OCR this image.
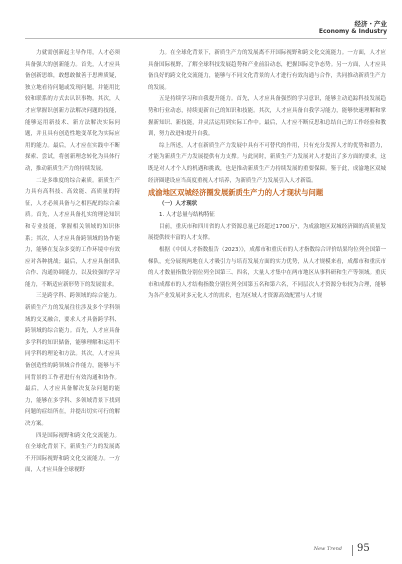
经济・产业
Economy & Industry

力就需创新起主导作用，人才必须具备强大的创新能力。首先，人才应具备创新思维，敢想敢做善于思辨质疑，独立地看待问题或发现问题，并能用比较和联系的方式去认识事物。其次，人才应掌握识创新方法解决问题的技能，能够运用新技术、新方法解决实际问题，并且具有创造性地变革化为实际应用的能力。最后，人才应在实践中不断探索、尝试，将创新理念转化为具体行动，推动新质生产力的持续发展。

二是多维度的综合素质。新质生产力具有高科技、高效能、高质量的特征，人才必须具备与之相匹配的综合素质。首先，人才应具备扎实的理论知识和专业技能，掌握相关领域的知识体系；其次，人才应具备跨领域的协作能力，能够在复杂多变的工作环境中有效应对各种挑战；最后，人才应具备团队合作、沟通协调能力，以及较强的学习能力，不断适应新形势下的发展需求。

三是跨学科、跨领域的综合能力。新质生产力的发展往往涉及多个学科领域的交叉融合，要求人才具备跨学科、跨领域的综合能力。首先，人才应具备多学科的知识储备，能够理解和运用不同学科的理论和方法。其次，人才应具备创造性的跨领域合作能力，能够与不同背景的工作者进行有效沟通和协作。最后，人才应具备解决复杂问题的能力，能够在多学科、多领域背景下找到问题的症结所在，并提出切实可行的解决方案。

四是国际视野和跨文化交流能力。在全球化背景下，新质生产力的发展离不开国际视野和跨文化交流能力。一方面，人才应具备全球视野

力。在全球化背景下，新质生产力的发展离不开国际视野和跨文化交流能力。一方面，人才应具备国际视野，了解全球科技发展趋势和产业前沿动态，把握国际竞争态势。另一方面，人才应具备良好的跨文化交流能力，能够与不同文化背景的人才进行有效沟通与合作，共同推动新质生产力的发展。

五是持续学习和自我提升能力。首先，人才应具备强烈的学习意识，能够主动追踪科技发展趋势和行业动态，持续更新自己的知识和技能。其次，人才应具备自我学习能力，能够快速理解和掌握新知识、新技能，并灵活运用到实际工作中。最后，人才应不断反思和总结自己的工作经验和教训，努力改进和提升自我。

综上所述，人才在新质生产力发展中具有不可替代的作用，只有充分发挥人才的优势和潜力，才能为新质生产力发展提供有力支撑。与此同时，新质生产力发展对人才提出了多方面的要求，这既是对人才个人的机遇和挑战，也是推动新质生产力持续发展的重要保障。鉴于此，成渝地区双城经济圈建设应当高度重视人才培养，为新质生产力发展引入人才新篇。

成渝地区双城经济圈发展新质生产力的人才现状与问题

（一）人才现状

1. 人才总量与结构特征

目前，重庆市和四川省的人才资源总量已经超过1700万¹，为成渝地区双城经济圈的高质量发展提供较丰富的人才支撑。

根据《中国人才指数报告（2023）》，成都市和重庆市的人才指数综合评价结果均位列全国第一梯队，充分展现两地在人才吸引力与培育发展方面的实力优势，从人才规模来看，成都市和重庆市的人才数量指数分别位列全国第三、四名，大量人才集中在两市地区从事科研和生产等领域。重庆市和成都市的人才结构指数分别位列全国第五名和第六名，不同层次人才资源分布较为合理，能够为各产业发展对多元化人才的需求，也为区域人才资源高效配置与人才规

New Trend 95
